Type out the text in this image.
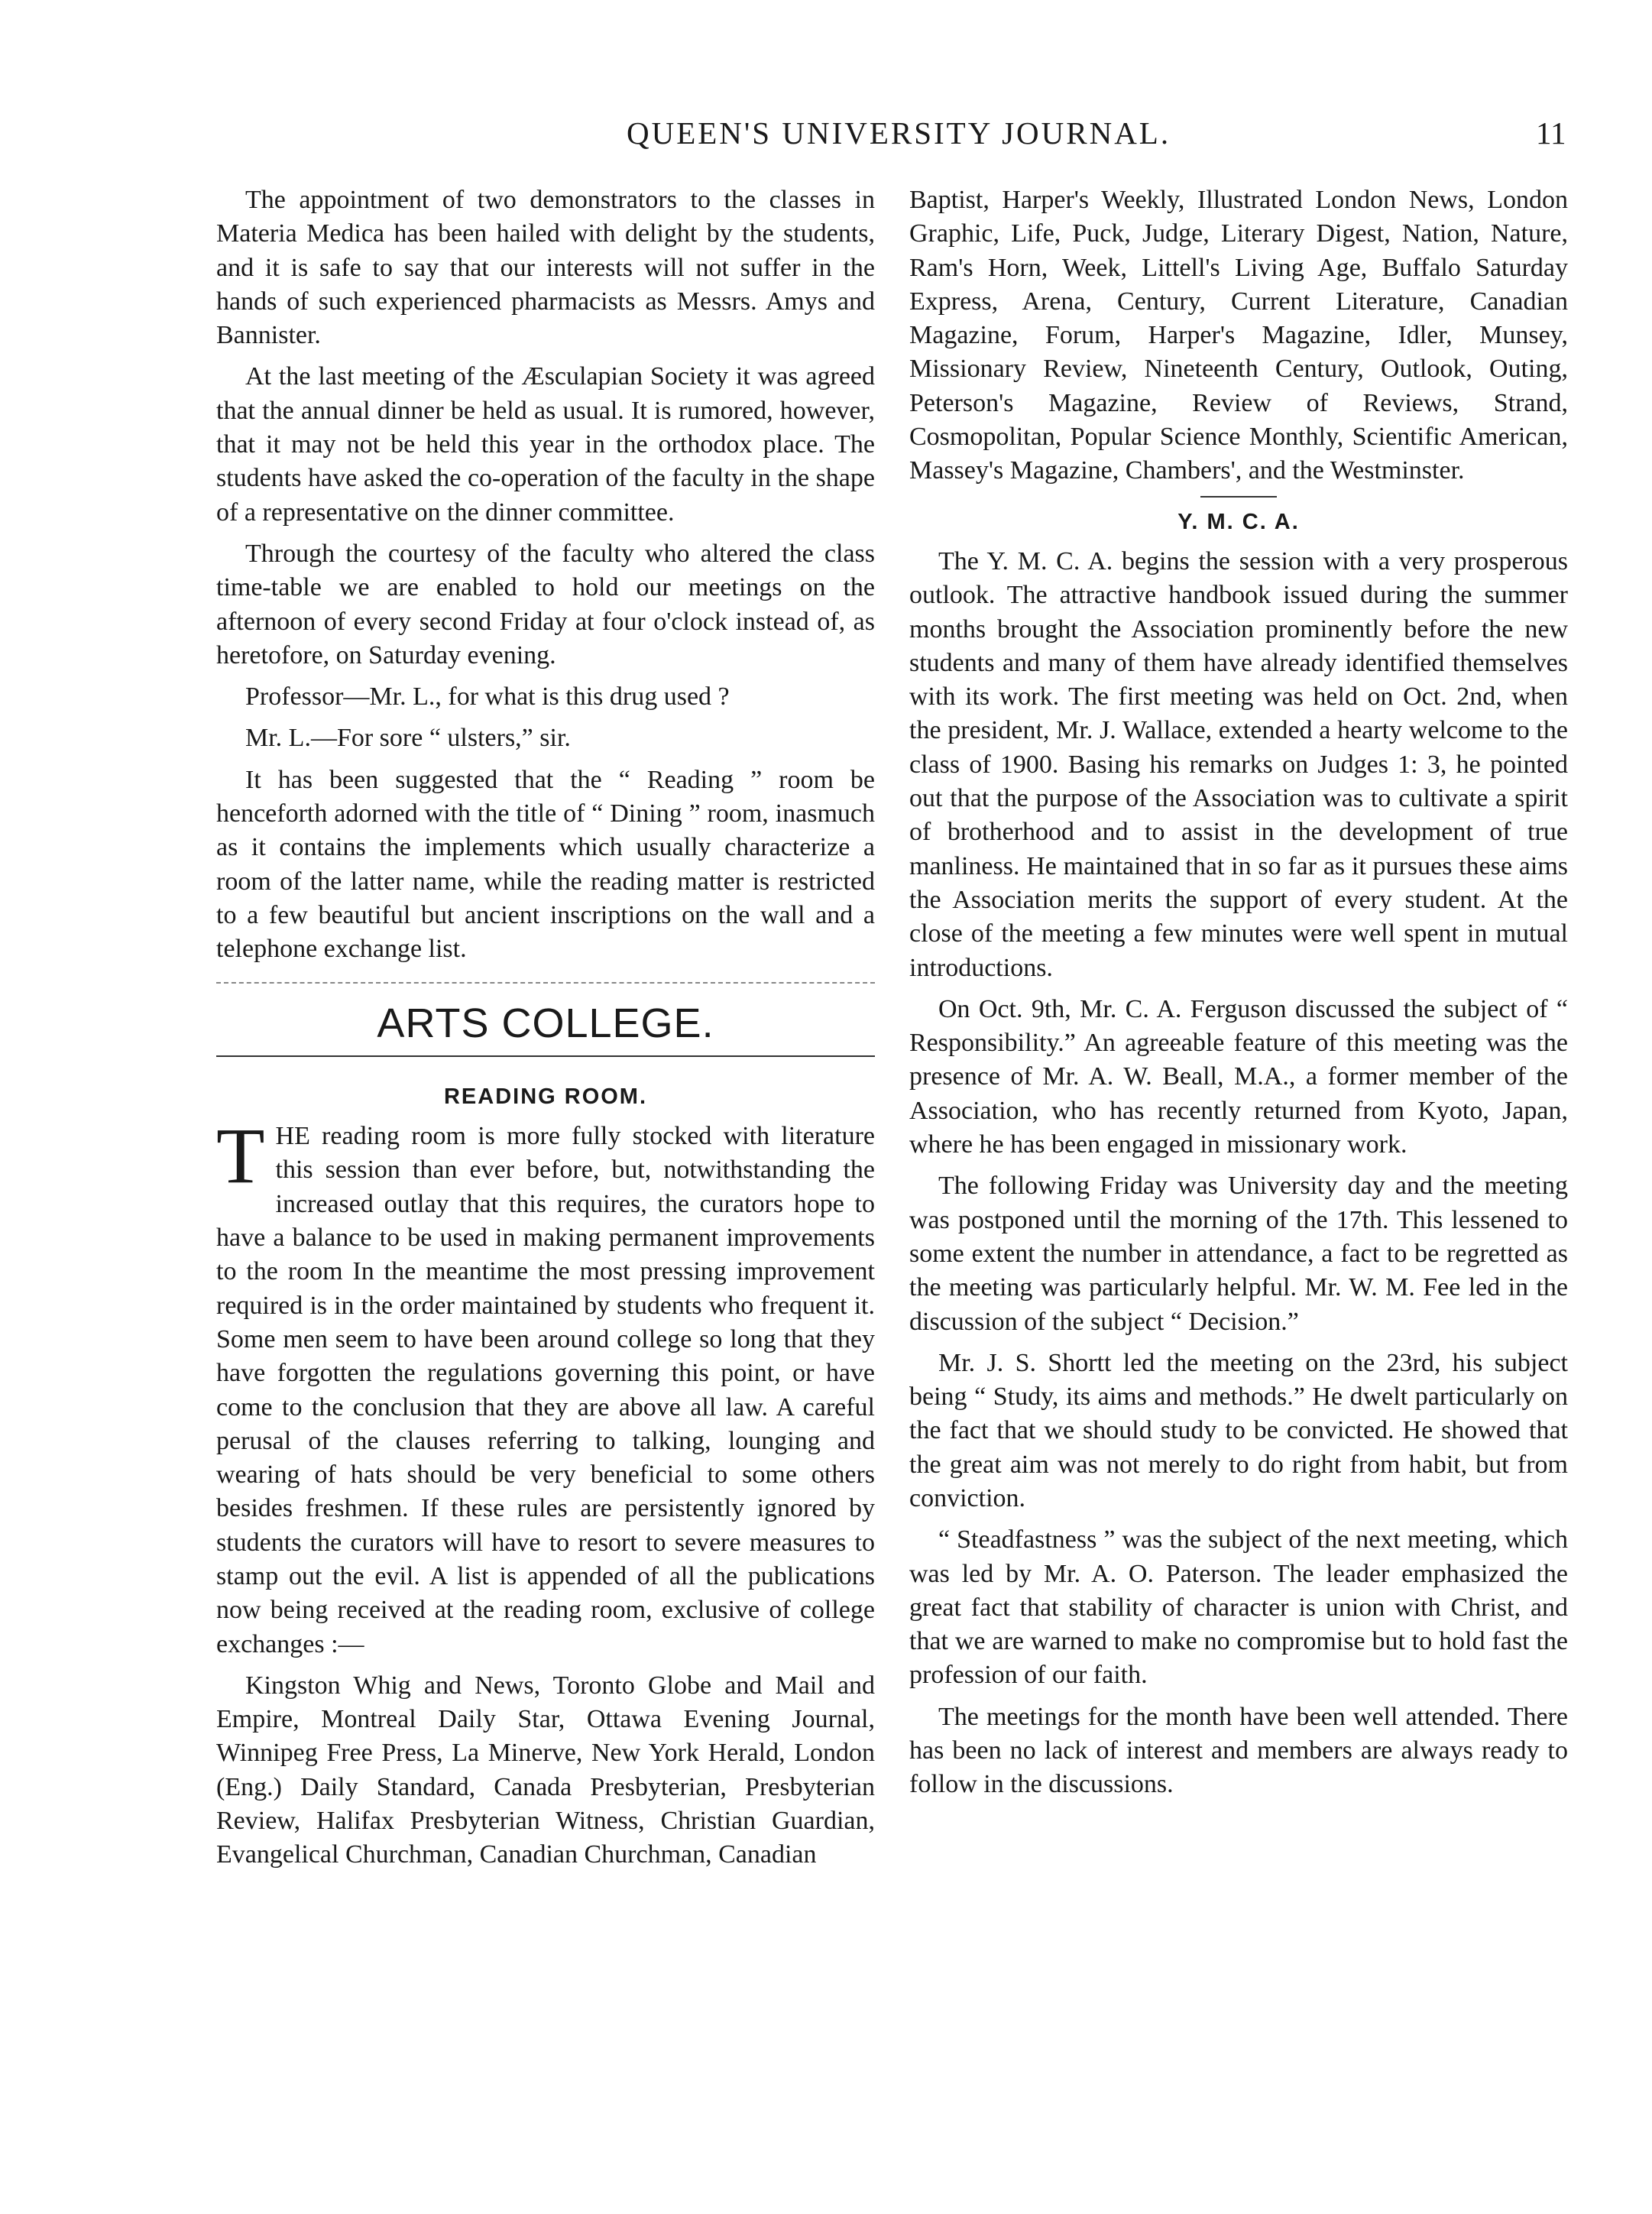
QUEEN'S UNIVERSITY JOURNAL.	11

The appointment of two demonstrators to the classes in Materia Medica has been hailed with delight by the students, and it is safe to say that our interests will not suffer in the hands of such experienced pharmacists as Messrs. Amys and Bannister.

At the last meeting of the Æsculapian Society it was agreed that the annual dinner be held as usual. It is rumored, however, that it may not be held this year in the orthodox place. The students have asked the co-operation of the faculty in the shape of a representative on the dinner committee.

Through the courtesy of the faculty who altered the class time-table we are enabled to hold our meetings on the afternoon of every second Friday at four o'clock instead of, as heretofore, on Saturday evening.

Professor—Mr. L., for what is this drug used ?

Mr. L.—For sore “ ulsters,” sir.

It has been suggested that the “ Reading ” room be henceforth adorned with the title of “ Dining ” room, inasmuch as it contains the implements which usually characterize a room of the latter name, while the reading matter is restricted to a few beautiful but ancient inscriptions on the wall and a telephone exchange list.

ARTS COLLEGE.
READING ROOM.

THE reading room is more fully stocked with literature this session than ever before, but, notwithstanding the increased outlay that this requires, the curators hope to have a balance to be used in making permanent improvements to the room In the meantime the most pressing improvement required is in the order maintained by students who frequent it. Some men seem to have been around college so long that they have forgotten the regulations governing this point, or have come to the conclusion that they are above all law. A careful perusal of the clauses referring to talking, lounging and wearing of hats should be very beneficial to some others besides freshmen. If these rules are persistently ignored by students the curators will have to resort to severe measures to stamp out the evil. A list is appended of all the publications now being received at the reading room, exclusive of college exchanges :—

Kingston Whig and News, Toronto Globe and Mail and Empire, Montreal Daily Star, Ottawa Evening Journal, Winnipeg Free Press, La Minerve, New York Herald, London (Eng.) Daily Standard, Canada Presbyterian, Presbyterian Review, Halifax Presbyterian Witness, Christian Guardian, Evangelical Churchman, Canadian Churchman, Canadian

Baptist, Harper's Weekly, Illustrated London News, London Graphic, Life, Puck, Judge, Literary Digest, Nation, Nature, Ram's Horn, Week, Littell's Living Age, Buffalo Saturday Express, Arena, Century, Current Literature, Canadian Magazine, Forum, Harper's Magazine, Idler, Munsey, Missionary Review, Nineteenth Century, Outlook, Outing, Peterson's Magazine, Review of Reviews, Strand, Cosmopolitan, Popular Science Monthly, Scientific American, Massey's Magazine, Chambers', and the Westminster.

Y. M. C. A.

The Y. M. C. A. begins the session with a very prosperous outlook. The attractive handbook issued during the summer months brought the Association prominently before the new students and many of them have already identified themselves with its work. The first meeting was held on Oct. 2nd, when the president, Mr. J. Wallace, extended a hearty welcome to the class of 1900. Basing his remarks on Judges 1: 3, he pointed out that the purpose of the Association was to cultivate a spirit of brotherhood and to assist in the development of true manliness. He maintained that in so far as it pursues these aims the Association merits the support of every student. At the close of the meeting a few minutes were well spent in mutual introductions.

On Oct. 9th, Mr. C. A. Ferguson discussed the subject of “ Responsibility.” An agreeable feature of this meeting was the presence of Mr. A. W. Beall, M.A., a former member of the Association, who has recently returned from Kyoto, Japan, where he has been engaged in missionary work.

The following Friday was University day and the meeting was postponed until the morning of the 17th. This lessened to some extent the number in attendance, a fact to be regretted as the meeting was particularly helpful. Mr. W. M. Fee led in the discussion of the subject “ Decision.”

Mr. J. S. Shortt led the meeting on the 23rd, his subject being “ Study, its aims and methods.” He dwelt particularly on the fact that we should study to be convicted. He showed that the great aim was not merely to do right from habit, but from conviction.

“ Steadfastness ” was the subject of the next meeting, which was led by Mr. A. O. Paterson. The leader emphasized the great fact that stability of character is union with Christ, and that we are warned to make no compromise but to hold fast the profession of our faith.

The meetings for the month have been well attended. There has been no lack of interest and members are always ready to follow in the discussions.
